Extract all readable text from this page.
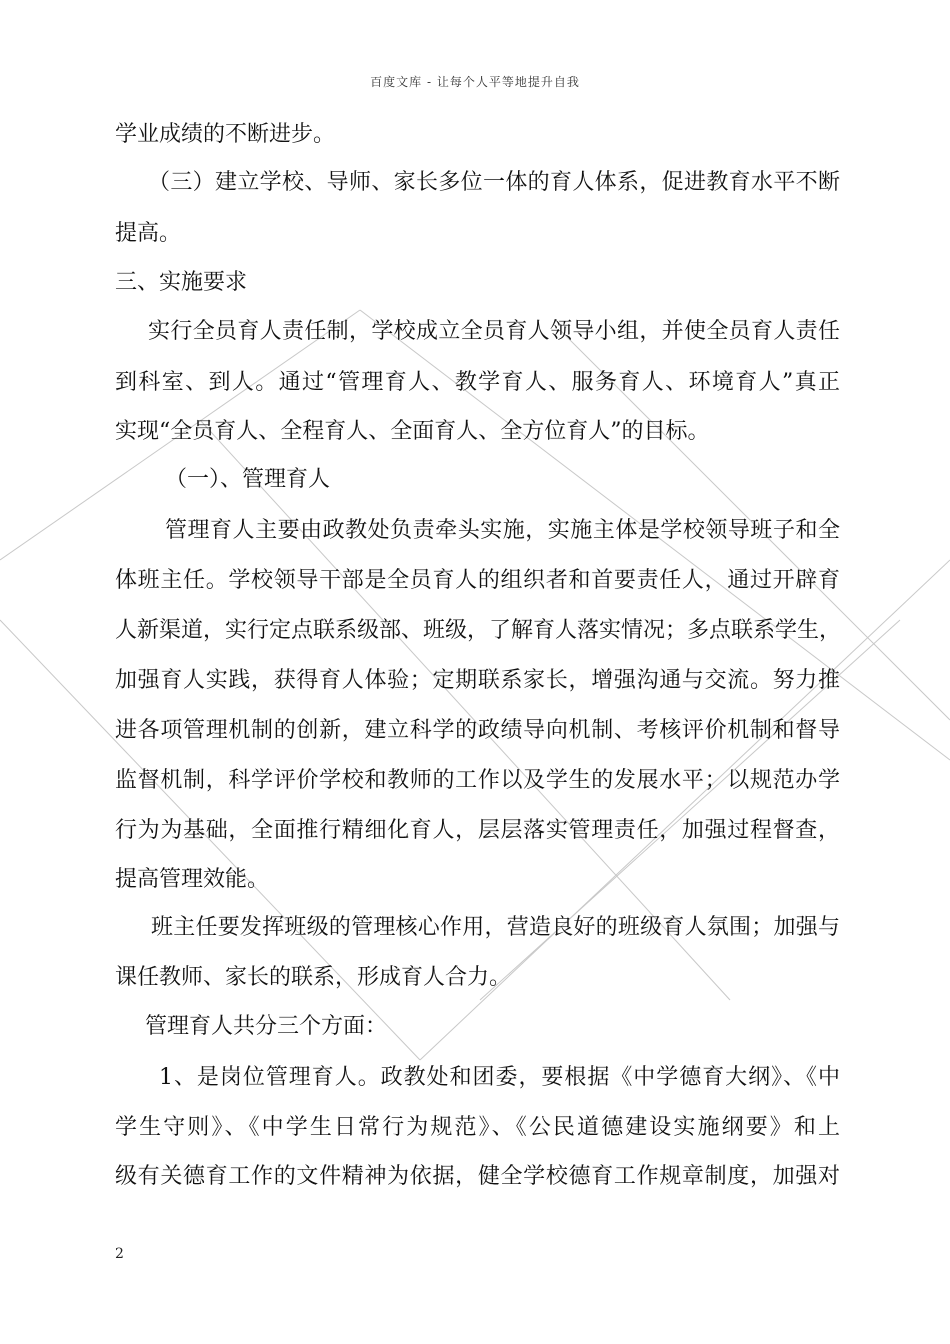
百度文库 - 让每个人平等地提升自我
学业成绩的不断进步。
（三）建立学校、导师、家长多位一体的育人体系，促进教育水平不断
提高。
三、实施要求
实行全员育人责任制，学校成立全员育人领导小组，并使全员育人责任
到科室、到人。通过“管理育人、教学育人、服务育人、环境育人”真正
实现“全员育人、全程育人、全面育人、全方位育人”的目标。
（一）、管理育人
管理育人主要由政教处负责牵头实施，实施主体是学校领导班子和全
体班主任。学校领导干部是全员育人的组织者和首要责任人，通过开辟育
人新渠道，实行定点联系级部、班级，了解育人落实情况；多点联系学生，
加强育人实践，获得育人体验；定期联系家长，增强沟通与交流。努力推
进各项管理机制的创新，建立科学的政绩导向机制、考核评价机制和督导
监督机制，科学评价学校和教师的工作以及学生的发展水平；以规范办学
行为为基础，全面推行精细化育人，层层落实管理责任，加强过程督查，
提高管理效能。
班主任要发挥班级的管理核心作用，营造良好的班级育人氛围；加强与
课任教师、家长的联系，形成育人合力。
管理育人共分三个方面：
1、是岗位管理育人。政教处和团委，要根据《中学德育大纲》、《中
学生守则》、《中学生日常行为规范》、《公民道德建设实施纲要》和上
级有关德育工作的文件精神为依据，健全学校德育工作规章制度，加强对
2
